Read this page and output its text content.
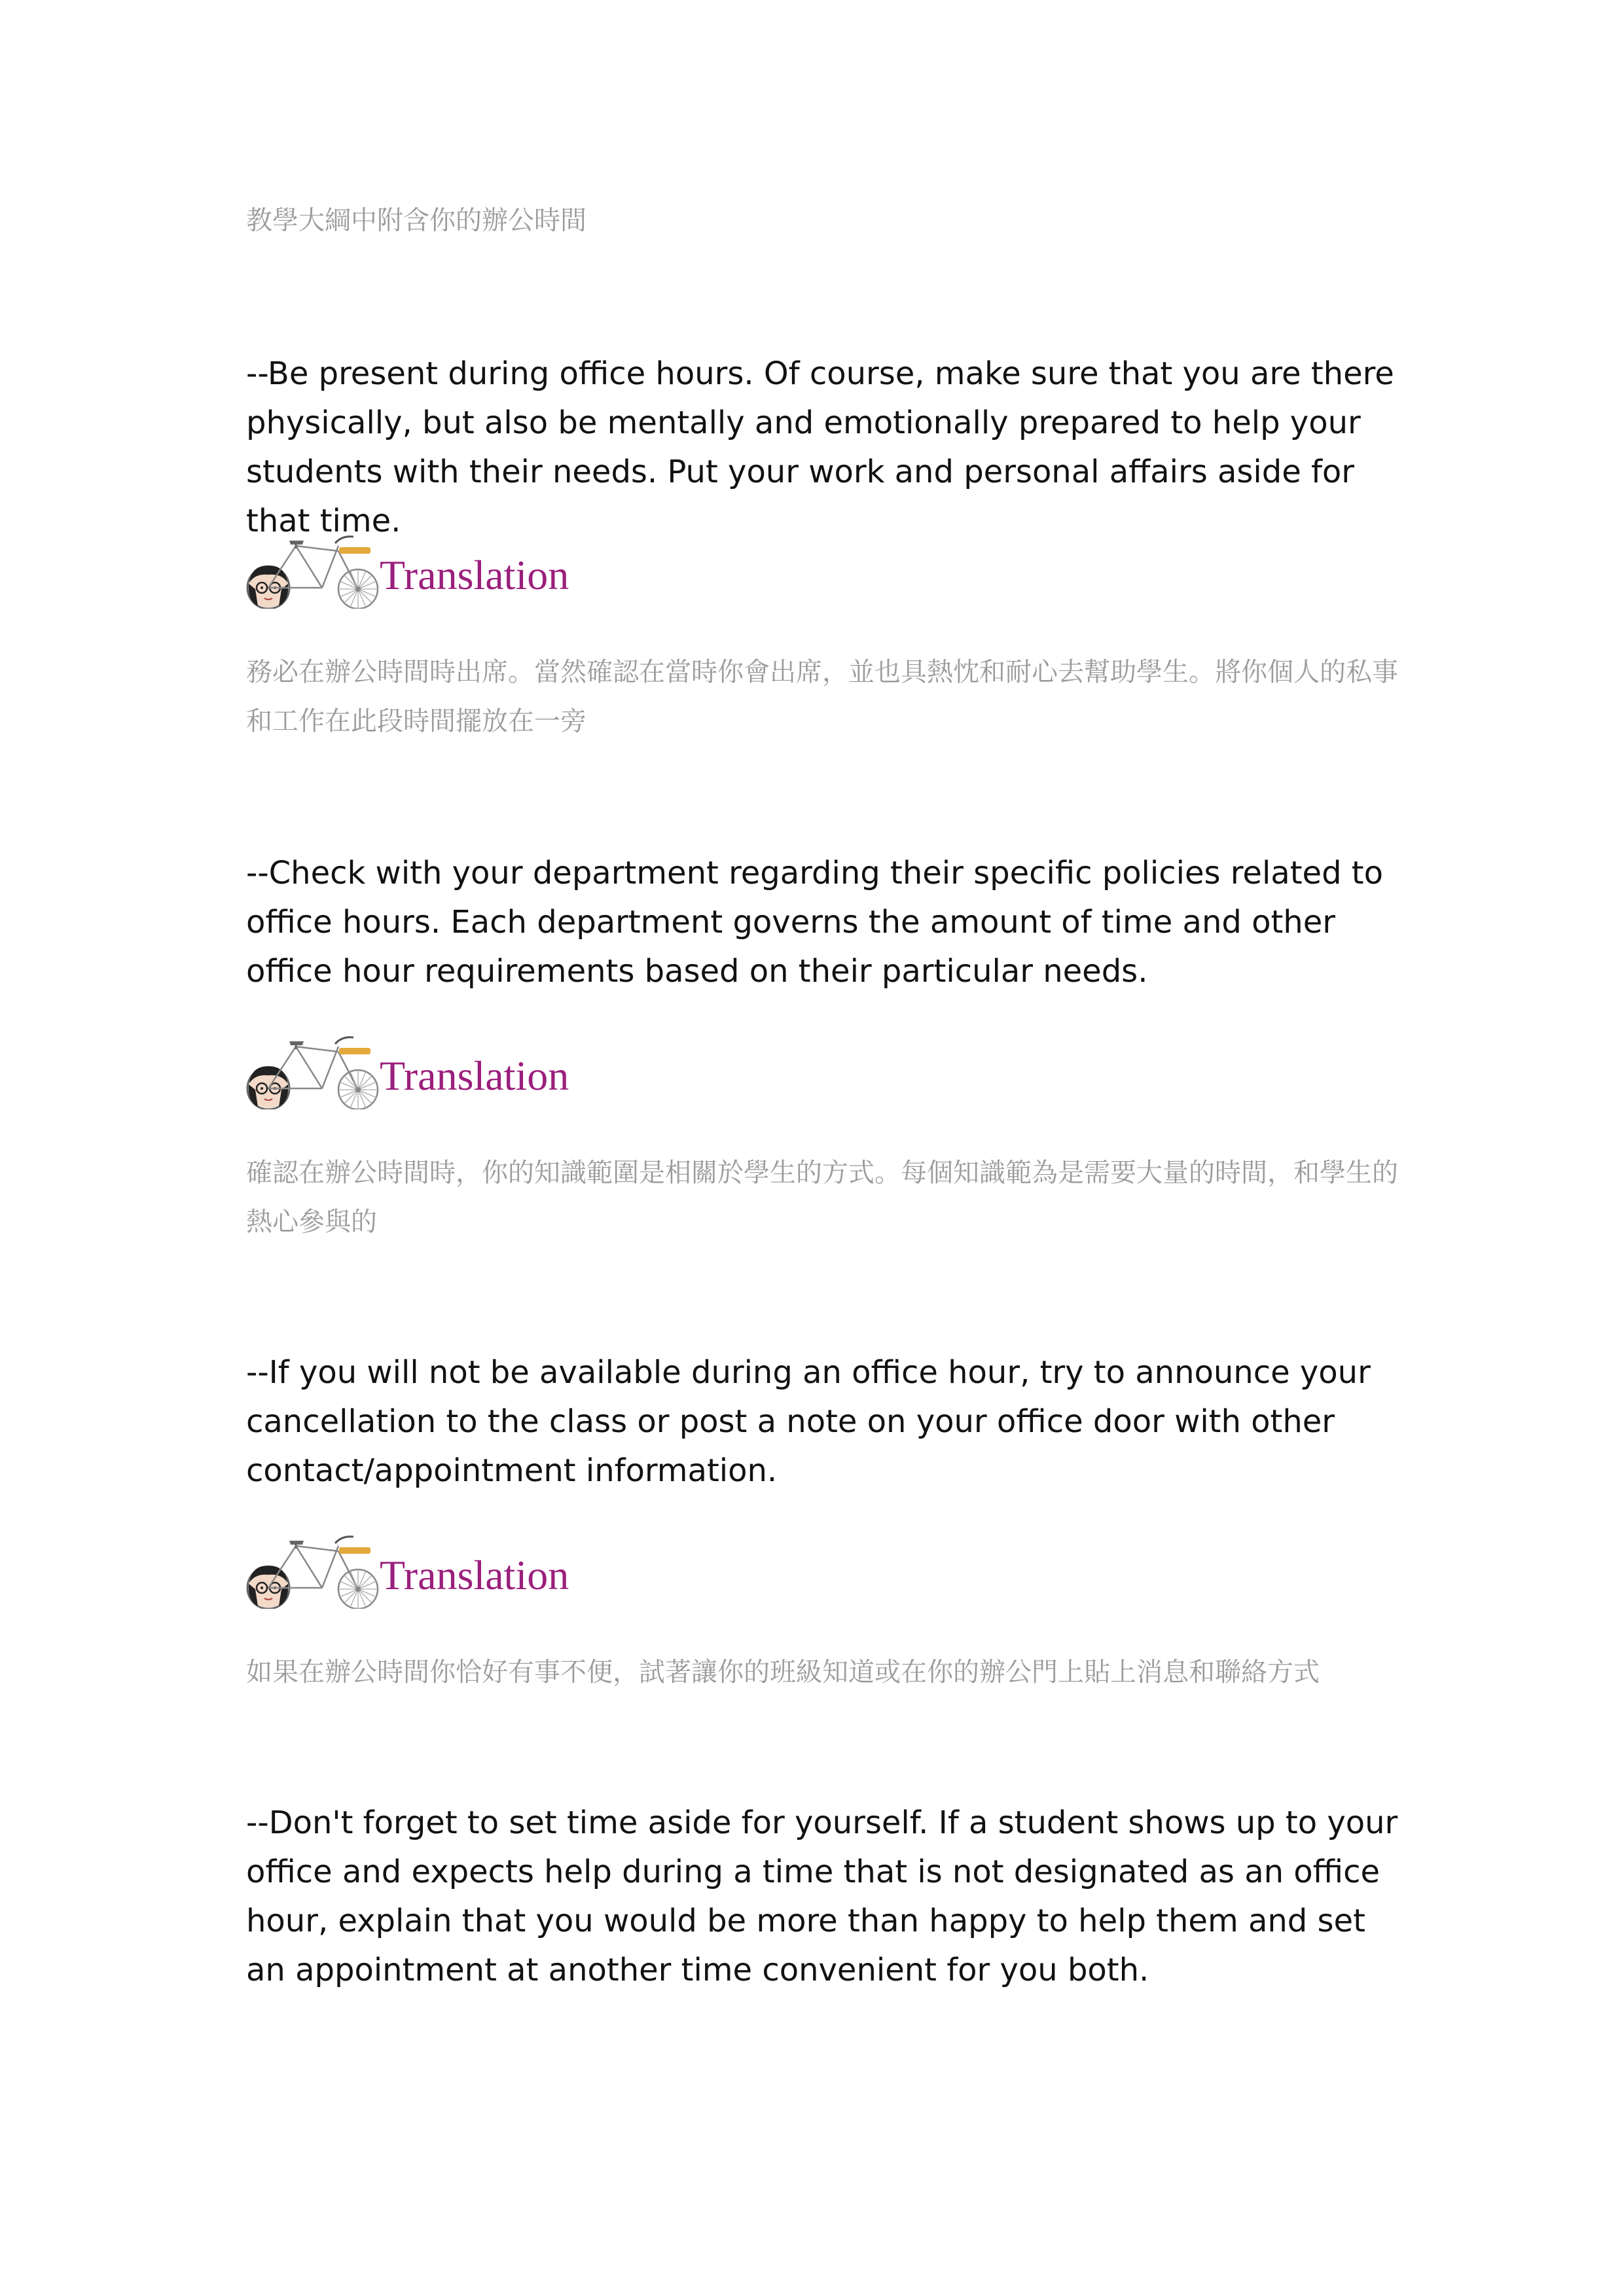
教學大綱中附含你的辦公時間

--Be present during office hours. Of course, make sure that you are there physically, but also be mentally and emotionally prepared to help your students with their needs. Put your work and personal affairs aside for that time.

Translation

務必在辦公時間時出席。當然確認在當時你會出席，並也具熱忱和耐心去幫助學生。將你個人的私事和工作在此段時間擺放在一旁

--Check with your department regarding their specific policies related to office hours. Each department governs the amount of time and other office hour requirements based on their particular needs.

Translation

確認在辦公時間時，你的知識範圍是相關於學生的方式。每個知識範為是需要大量的時間，和學生的熱心參與的

--If you will not be available during an office hour, try to announce your cancellation to the class or post a note on your office door with other contact/appointment information.

Translation

如果在辦公時間你恰好有事不便，試著讓你的班級知道或在你的辦公門上貼上消息和聯絡方式

--Don't forget to set time aside for yourself. If a student shows up to your office and expects help during a time that is not designated as an office hour, explain that you would be more than happy to help them and set an appointment at another time convenient for you both.
